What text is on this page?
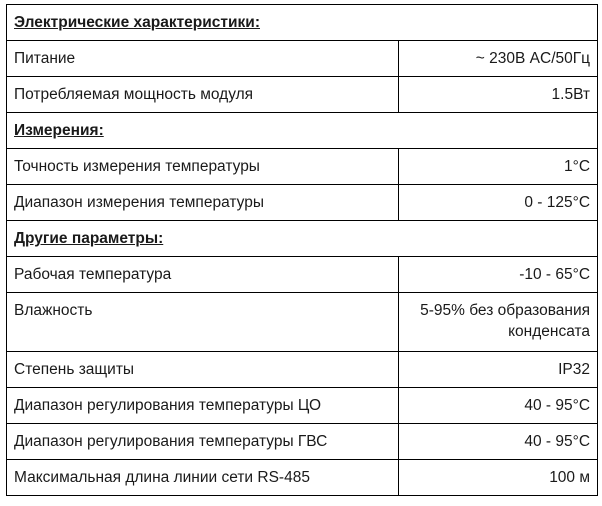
Электрические характеристики:	
Питание	~ 230В AC/50Гц
Потребляемая мощность модуля	1.5Вт
Измерения:	
Точность измерения температуры	1°C
Диапазон измерения температуры	0 - 125°C
Другие параметры:	
Рабочая температура	-10 - 65°C
Влажность	5-95% без образования конденсата
Степень защиты	IP32
Диапазон регулирования температуры ЦО	40 - 95°C
Диапазон регулирования температуры ГВС	40 - 95°C
Максимальная длина линии сети RS-485	100 м
